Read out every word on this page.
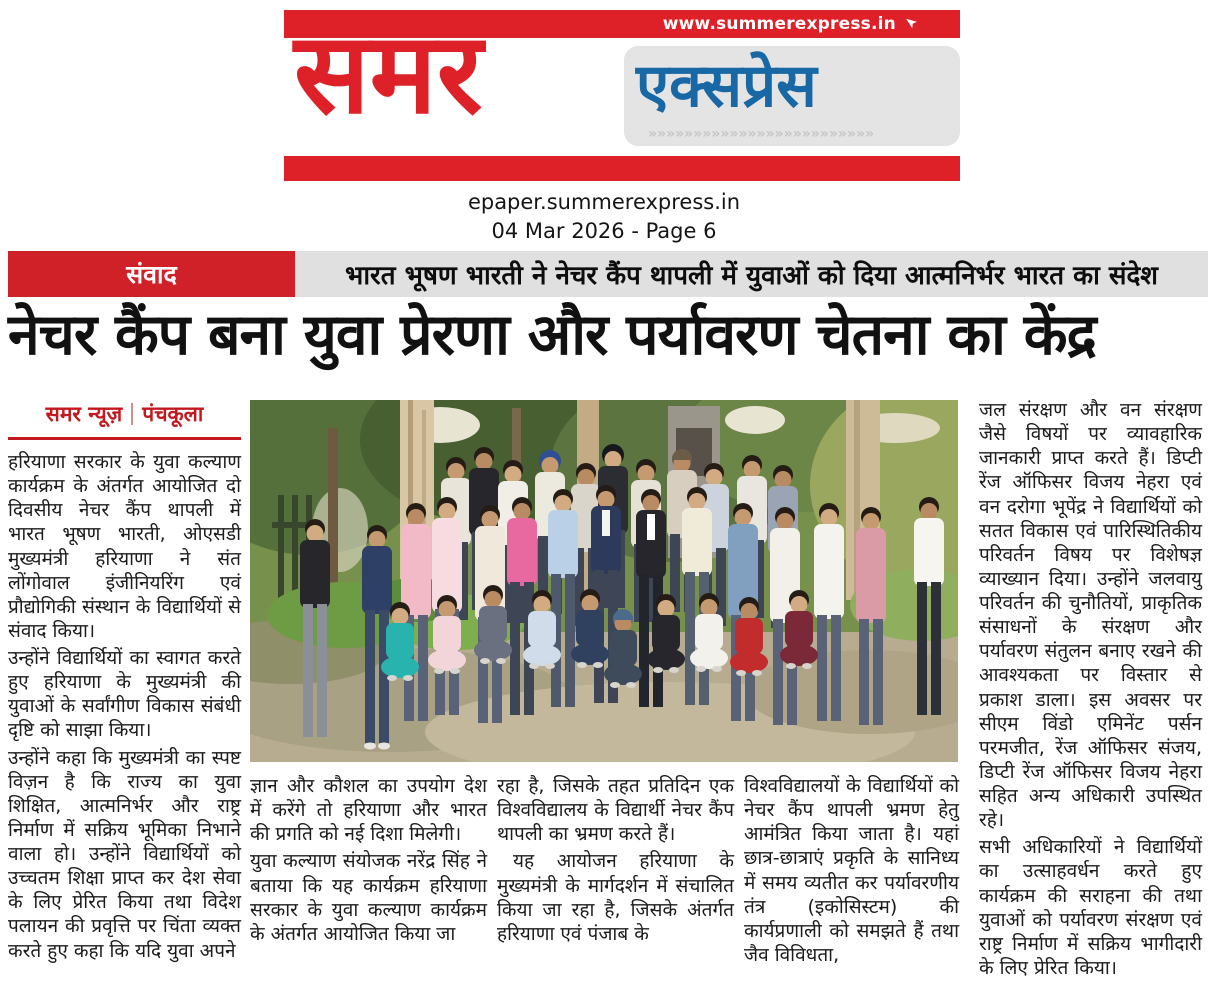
www.summerexpress.in
समर	एक्सप्रेस
»»»»»»»»»»»»»»»»»»»»»»»»»
epaper.summerexpress.in
04 Mar 2026 - Page 6
संवाद	भारत भूषण भारती ने नेचर कैंप थापली में युवाओं को दिया आत्मनिर्भर भारत का संदेश
नेचर कैंप बना युवा प्रेरणा और पर्यावरण चेतना का केंद्र
समर न्यूज़ पंचकूला

हरियाणा सरकार के युवा कल्याण कार्यक्रम के अंतर्गत आयोजित दो दिवसीय नेचर कैंप थापली में भारत भूषण भारती, ओएसडी मुख्यमंत्री हरियाणा ने संत लोंगोवाल इंजीनियरिंग एवं प्रौद्योगिकी संस्थान के विद्यार्थियों से संवाद किया।

उन्होंने विद्यार्थियों का स्वागत करते हुए हरियाणा के मुख्यमंत्री की युवाओं के सर्वांगीण विकास संबंधी दृष्टि को साझा किया।

उन्होंने कहा कि मुख्यमंत्री का स्पष्ट विज़न है कि राज्य का युवा शिक्षित, आत्मनिर्भर और राष्ट्र निर्माण में सक्रिय भूमिका निभाने वाला हो। उन्होंने विद्यार्थियों को उच्चतम शिक्षा प्राप्त कर देश सेवा के लिए प्रेरित किया तथा विदेश पलायन की प्रवृत्ति पर चिंता व्यक्त करते हुए कहा कि यदि युवा अपने

ज्ञान और कौशल का उपयोग देश में करेंगे तो हरियाणा और भारत की प्रगति को नई दिशा मिलेगी।

युवा कल्याण संयोजक नरेंद्र सिंह ने बताया कि यह कार्यक्रम हरियाणा सरकार के युवा कल्याण कार्यक्रम के अंतर्गत आयोजित किया जा

रहा है, जिसके तहत प्रतिदिन एक विश्वविद्यालय के विद्यार्थी नेचर कैंप थापली का भ्रमण करते हैं।

यह आयोजन हरियाणा के मुख्यमंत्री के मार्गदर्शन में संचालित किया जा रहा है, जिसके अंतर्गत हरियाणा एवं पंजाब के

विश्वविद्यालयों के विद्यार्थियों को नेचर कैंप थापली भ्रमण हेतु आमंत्रित किया जाता है। यहां छात्र-छात्राएं प्रकृति के सानिध्य में समय व्यतीत कर पर्यावरणीय तंत्र (इकोसिस्टम) की कार्यप्रणाली को समझते हैं तथा जैव विविधता,

जल संरक्षण और वन संरक्षण जैसे विषयों पर व्यावहारिक जानकारी प्राप्त करते हैं। डिप्टी रेंज ऑफिसर विजय नेहरा एवं वन दरोगा भूपेंद्र ने विद्यार्थियों को सतत विकास एवं पारिस्थितिकीय परिवर्तन विषय पर विशेषज्ञ व्याख्यान दिया। उन्होंने जलवायु परिवर्तन की चुनौतियों, प्राकृतिक संसाधनों के संरक्षण और पर्यावरण संतुलन बनाए रखने की आवश्यकता पर विस्तार से प्रकाश डाला। इस अवसर पर सीएम विंडो एमिनेंट पर्सन परमजीत, रेंज ऑफिसर संजय, डिप्टी रेंज ऑफिसर विजय नेहरा सहित अन्य अधिकारी उपस्थित रहे।

सभी अधिकारियों ने विद्यार्थियों का उत्साहवर्धन करते हुए कार्यक्रम की सराहना की तथा युवाओं को पर्यावरण संरक्षण एवं राष्ट्र निर्माण में सक्रिय भागीदारी के लिए प्रेरित किया।
